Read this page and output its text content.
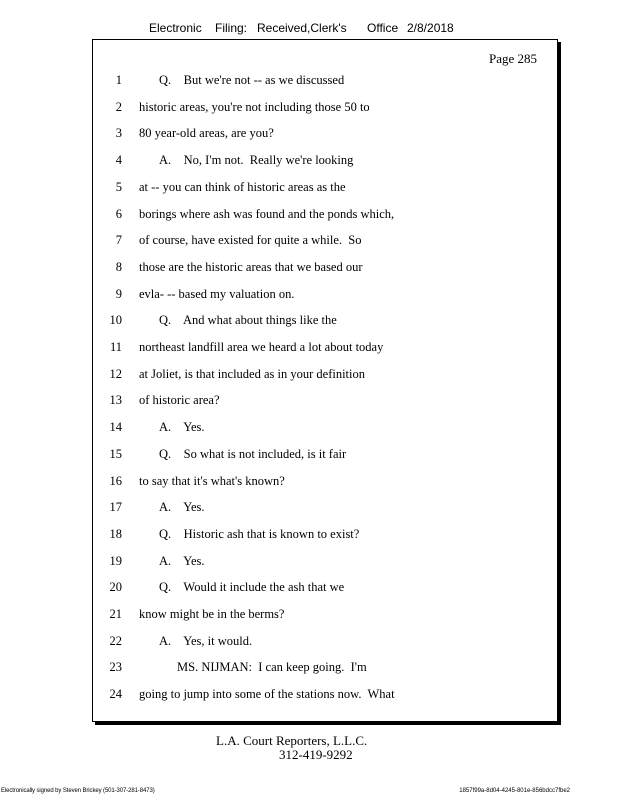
Electronic Filing: Received,Clerk's Office 2/8/2018
Page 285
1	Q.    But we're not -- as we discussed
2 historic areas, you're not including those 50 to
3 80 year-old areas, are you?
4	A.    No, I'm not.  Really we're looking
5 at -- you can think of historic areas as the
6 borings where ash was found and the ponds which,
7 of course, have existed for quite a while.  So
8 those are the historic areas that we based our
9 evla- -- based my valuation on.
10	Q.    And what about things like the
11 northeast landfill area we heard a lot about today
12 at Joliet, is that included as in your definition
13 of historic area?
14	A.    Yes.
15	Q.    So what is not included, is it fair
16 to say that it's what's known?
17	A.    Yes.
18	Q.    Historic ash that is known to exist?
19	A.    Yes.
20	Q.    Would it include the ash that we
21 know might be in the berms?
22	A.    Yes, it would.
23	MS. NIJMAN:  I can keep going.  I'm
24 going to jump into some of the stations now.  What
L.A. Court Reporters, L.L.C.
312-419-9292
Electronically signed by Steven Brickey (501-307-281-8473)	1857f99a-8d04-4245-801e-856bdcc7fbe2
